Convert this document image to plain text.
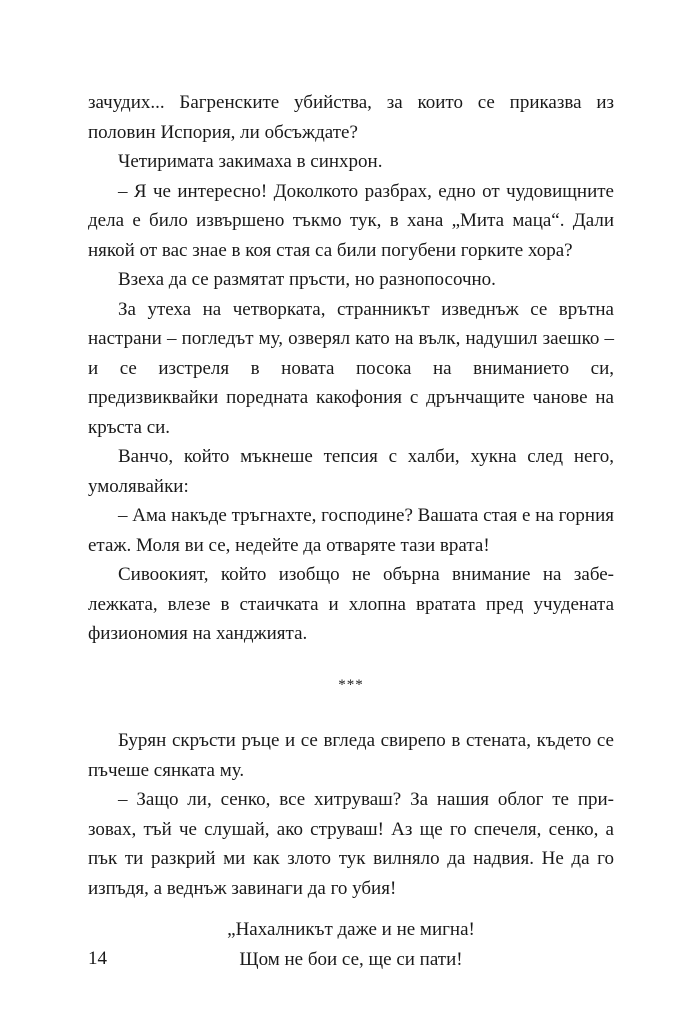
зачудих... Багренските убийства, за които се приказва из половин Испория, ли обсъждате?

Четиримата закимаха в синхрон.

– Я че интересно! Доколкото разбрах, едно от чудовищните дела е било извършено тъкмо тук, в хана „Мита маца“. Дали някой от вас знае в коя стая са били погубени горките хора?

Взеха да се размятат пръсти, но разнопосочно.

За утеха на четворката, странникът изведнъж се врътна настрани – погледът му, озверял като на вълк, надушил заешко – и се изстреля в новата посока на вниманието си, предизвиквайки поредната какофония с дрънчащите чанове на кръста си.

Ванчо, който мъкнеше тепсия с халби, хукна след него, умолявайки:

– Ама накъде тръгнахте, господине? Вашата стая е на горния етаж. Моля ви се, недейте да отваряте тази врата!

Сивоокият, който изобщо не обърна внимание на забележката, влезе в стаичката и хлопна вратата пред учудената физиономия на ханджията.

***

Бурян скръсти ръце и се вгледа свирепо в стената, където се пъчеше сянката му.

– Защо ли, сенко, все хитруваш? За нашия облог те призовах, тъй че слушай, ако струваш! Аз ще го спечеля, сенко, а пък ти разкрий ми как злото тук вилняло да надвия. Не да го изпъдя, а веднъж завинаги да го убия!

„Нахалникът даже и не мигна!
Щом не бои се, ще си пати!
14
